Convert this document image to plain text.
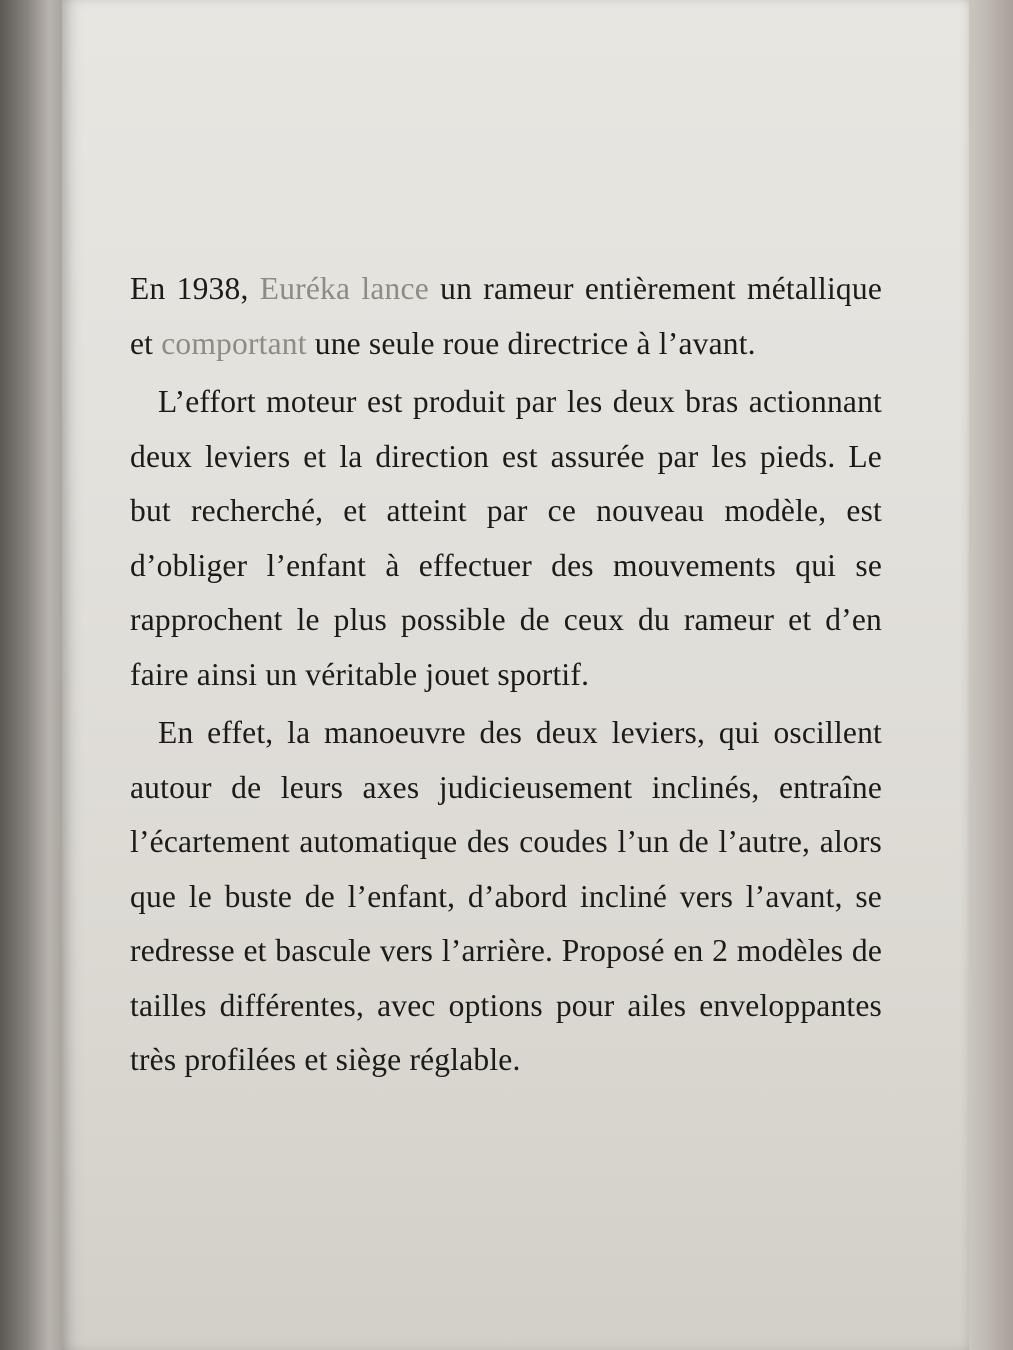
En 1938, Euréka lance un rameur entièrement métallique et comportant une seule roue directrice à l’avant.

L’effort moteur est produit par les deux bras actionnant deux leviers et la direction est assurée par les pieds. Le but recherché, et atteint par ce nouveau modèle, est d’obliger l’enfant à effectuer des mouvements qui se rapprochent le plus possible de ceux du rameur et d’en faire ainsi un véritable jouet sportif.

En effet, la manoeuvre des deux leviers, qui oscillent autour de leurs axes judicieusement inclinés, entraîne l’écartement automatique des coudes l’un de l’autre, alors que le buste de l’enfant, d’abord incliné vers l’avant, se redresse et bascule vers l’arrière. Proposé en 2 modèles de tailles différentes, avec options pour ailes enveloppantes très profilées et siège réglable.
